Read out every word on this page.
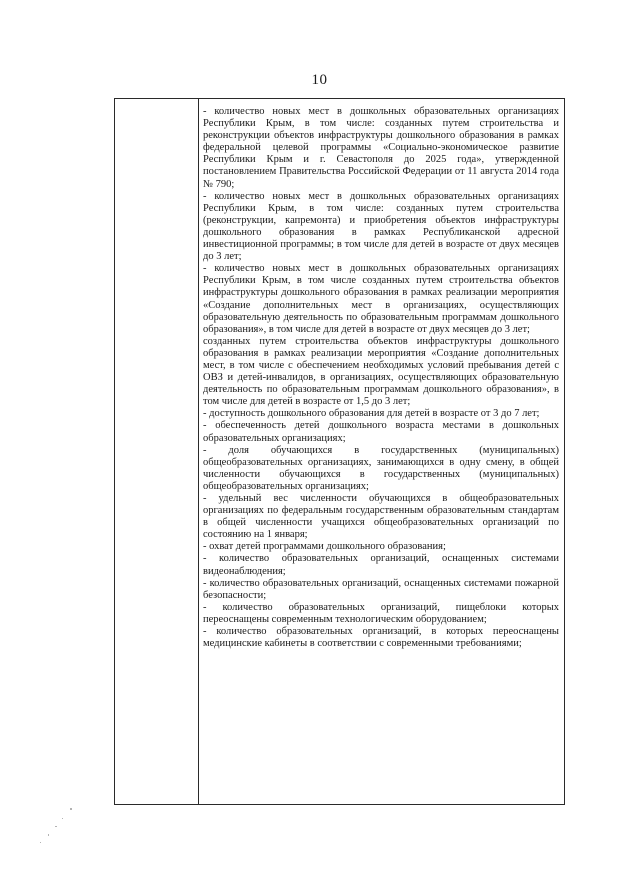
10

- количество новых мест в дошкольных образовательных организациях Республики Крым, в том числе: созданных путем строительства и реконструкции объектов инфраструктуры дошкольного образования в рамках федеральной целевой программы «Социально-экономическое развитие Республики Крым и г. Севастополя до 2025 года», утвержденной постановлением Правительства Российской Федерации от 11 августа 2014 года № 790;

- количество новых мест в дошкольных образовательных организациях Республики Крым, в том числе: созданных путем строительства (реконструкции, капремонта) и приобретения объектов инфраструктуры дошкольного образования в рамках Республиканской адресной инвестиционной программы; в том числе для детей в возрасте от двух месяцев до 3 лет;

- количество новых мест в дошкольных образовательных организациях Республики Крым, в том числе созданных путем строительства объектов инфраструктуры дошкольного образования в рамках реализации мероприятия «Создание дополнительных мест в организациях, осуществляющих образовательную деятельность по образовательным программам дошкольного образования», в том числе для детей в возрасте от двух месяцев до 3 лет;

созданных путем строительства объектов инфраструктуры дошкольного образования в рамках реализации мероприятия «Создание дополнительных мест, в том числе с обеспечением необходимых условий пребывания детей с ОВЗ и детей-инвалидов, в организациях, осуществляющих образовательную деятельность по образовательным программам дошкольного образования», в том числе для детей в возрасте от 1,5 до 3 лет;

- доступность дошкольного образования для детей в возрасте от 3 до 7 лет;

- обеспеченность детей дошкольного возраста местами в дошкольных образовательных организациях;

- доля обучающихся в государственных (муниципальных) общеобразовательных организациях, занимающихся в одну смену, в общей численности обучающихся в государственных (муниципальных) общеобразовательных организациях;

- удельный вес численности обучающихся в общеобразовательных организациях по федеральным государственным образовательным стандартам в общей численности учащихся общеобразовательных организаций по состоянию на 1 января;

- охват детей программами дошкольного образования;

- количество образовательных организаций, оснащенных системами видеонаблюдения;

- количество образовательных организаций, оснащенных системами пожарной безопасности;

- количество образовательных организаций, пищеблоки которых переоснащены современным технологическим оборудованием;

- количество образовательных организаций, в которых переоснащены медицинские кабинеты в соответствии с современными требованиями;
